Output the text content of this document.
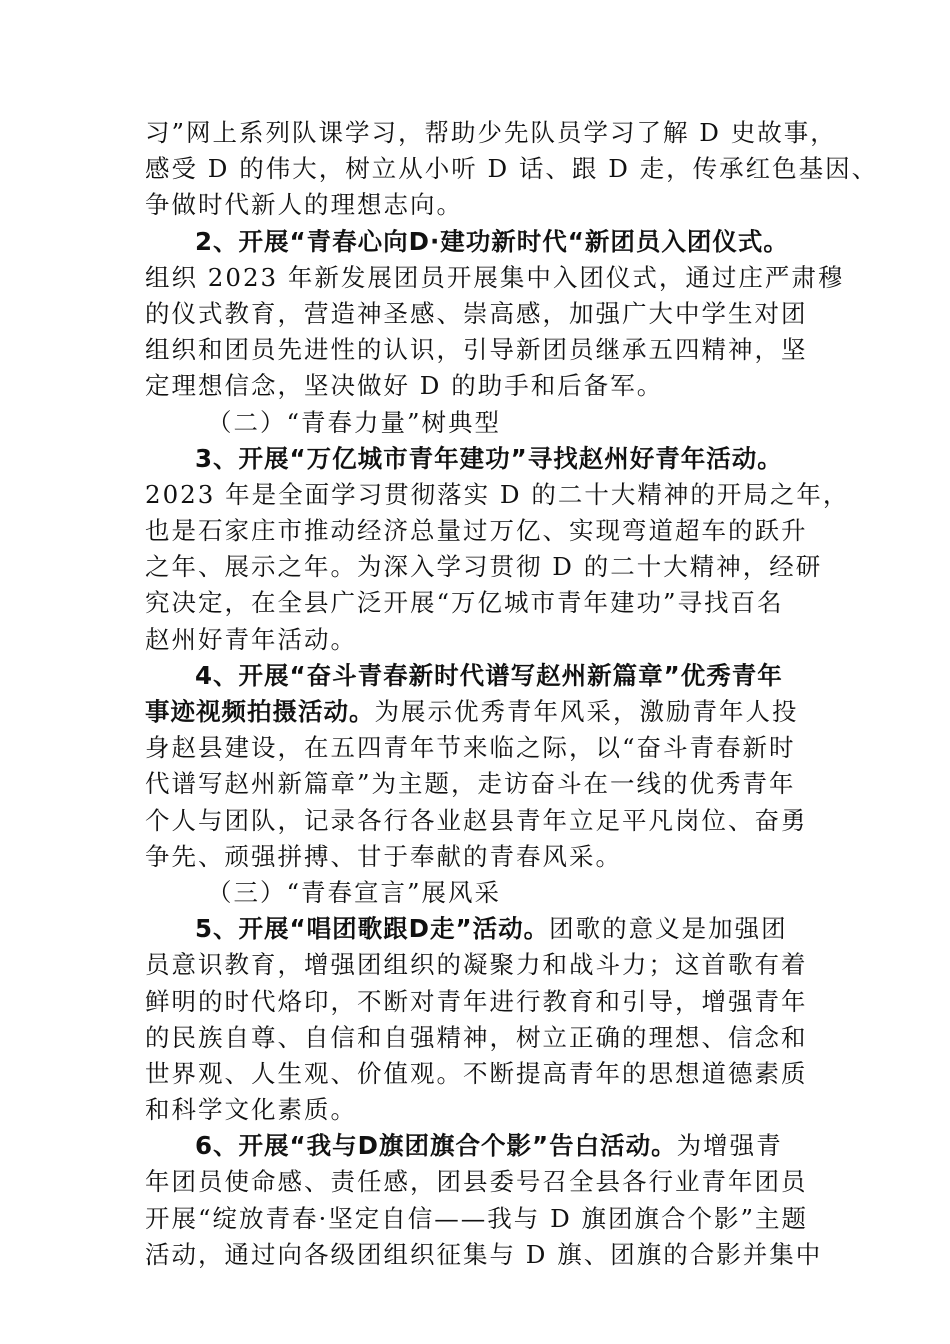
习”网上系列队课学习，帮助少先队员学习了解 D 史故事，
感受 D 的伟大，树立从小听 D 话、跟 D 走，传承红色基因、
争做时代新人的理想志向。
2、开展“青春心向D·建功新时代“新团员入团仪式。
组织 2023 年新发展团员开展集中入团仪式，通过庄严肃穆
的仪式教育，营造神圣感、崇高感，加强广大中学生对团
组织和团员先进性的认识，引导新团员继承五四精神，坚
定理想信念，坚决做好 D 的助手和后备军。
（二）“青春力量”树典型
3、开展“万亿城市青年建功”寻找赵州好青年活动。
2023 年是全面学习贯彻落实 D 的二十大精神的开局之年，
也是石家庄市推动经济总量过万亿、实现弯道超车的跃升
之年、展示之年。为深入学习贯彻 D 的二十大精神，经研
究决定，在全县广泛开展“万亿城市青年建功”寻找百名
赵州好青年活动。
4、开展“奋斗青春新时代谱写赵州新篇章”优秀青年
事迹视频拍摄活动。为展示优秀青年风采，激励青年人投
身赵县建设，在五四青年节来临之际，以“奋斗青春新时
代谱写赵州新篇章”为主题，走访奋斗在一线的优秀青年
个人与团队，记录各行各业赵县青年立足平凡岗位、奋勇
争先、顽强拼搏、甘于奉献的青春风采。
（三）“青春宣言”展风采
5、开展“唱团歌跟D走”活动。团歌的意义是加强团
员意识教育，增强团组织的凝聚力和战斗力；这首歌有着
鲜明的时代烙印，不断对青年进行教育和引导，增强青年
的民族自尊、自信和自强精神，树立正确的理想、信念和
世界观、人生观、价值观。不断提高青年的思想道德素质
和科学文化素质。
6、开展“我与D旗团旗合个影”告白活动。为增强青
年团员使命感、责任感，团县委号召全县各行业青年团员
开展“绽放青春·坚定自信——我与 D 旗团旗合个影”主题
活动，通过向各级团组织征集与 D 旗、团旗的合影并集中
